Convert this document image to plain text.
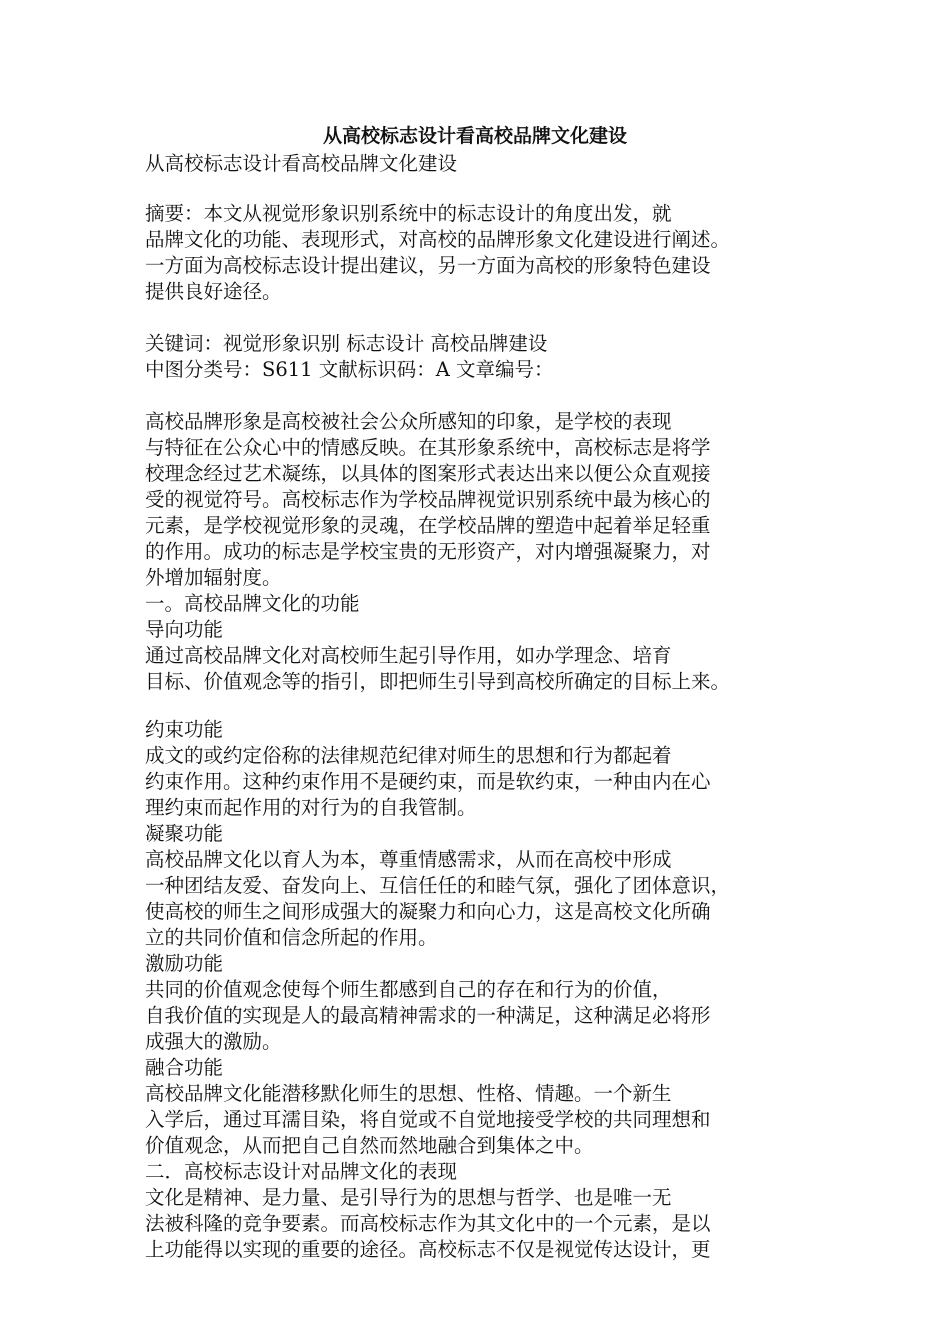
从高校标志设计看高校品牌文化建设
从高校标志设计看高校品牌文化建设
摘要：本文从视觉形象识别系统中的标志设计的角度出发，就
品牌文化的功能、表现形式，对高校的品牌形象文化建设进行阐述。
一方面为高校标志设计提出建议，另一方面为高校的形象特色建设
提供良好途径。
关键词：视觉形象识别 标志设计 高校品牌建设
中图分类号：S611 文献标识码：A 文章编号：
高校品牌形象是高校被社会公众所感知的印象，是学校的表现
与特征在公众心中的情感反映。在其形象系统中，高校标志是将学
校理念经过艺术凝练，以具体的图案形式表达出来以便公众直观接
受的视觉符号。高校标志作为学校品牌视觉识别系统中最为核心的
元素，是学校视觉形象的灵魂，在学校品牌的塑造中起着举足轻重
的作用。成功的标志是学校宝贵的无形资产，对内增强凝聚力，对
外增加辐射度。
一。高校品牌文化的功能
导向功能
通过高校品牌文化对高校师生起引导作用，如办学理念、培育
目标、价值观念等的指引，即把师生引导到高校所确定的目标上来。
约束功能
成文的或约定俗称的法律规范纪律对师生的思想和行为都起着
约束作用。这种约束作用不是硬约束，而是软约束，一种由内在心
理约束而起作用的对行为的自我管制。
凝聚功能
高校品牌文化以育人为本，尊重情感需求，从而在高校中形成
一种团结友爱、奋发向上、互信任任的和睦气氛，强化了团体意识，
使高校的师生之间形成强大的凝聚力和向心力，这是高校文化所确
立的共同价值和信念所起的作用。
激励功能
共同的价值观念使每个师生都感到自己的存在和行为的价值，
自我价值的实现是人的最高精神需求的一种满足，这种满足必将形
成强大的激励。
融合功能
高校品牌文化能潜移默化师生的思想、性格、情趣。一个新生
入学后，通过耳濡目染，将自觉或不自觉地接受学校的共同理想和
价值观念，从而把自己自然而然地融合到集体之中。
二．高校标志设计对品牌文化的表现
文化是精神、是力量、是引导行为的思想与哲学、也是唯一无
法被科隆的竞争要素。而高校标志作为其文化中的一个元素，是以
上功能得以实现的重要的途径。高校标志不仅是视觉传达设计，更
